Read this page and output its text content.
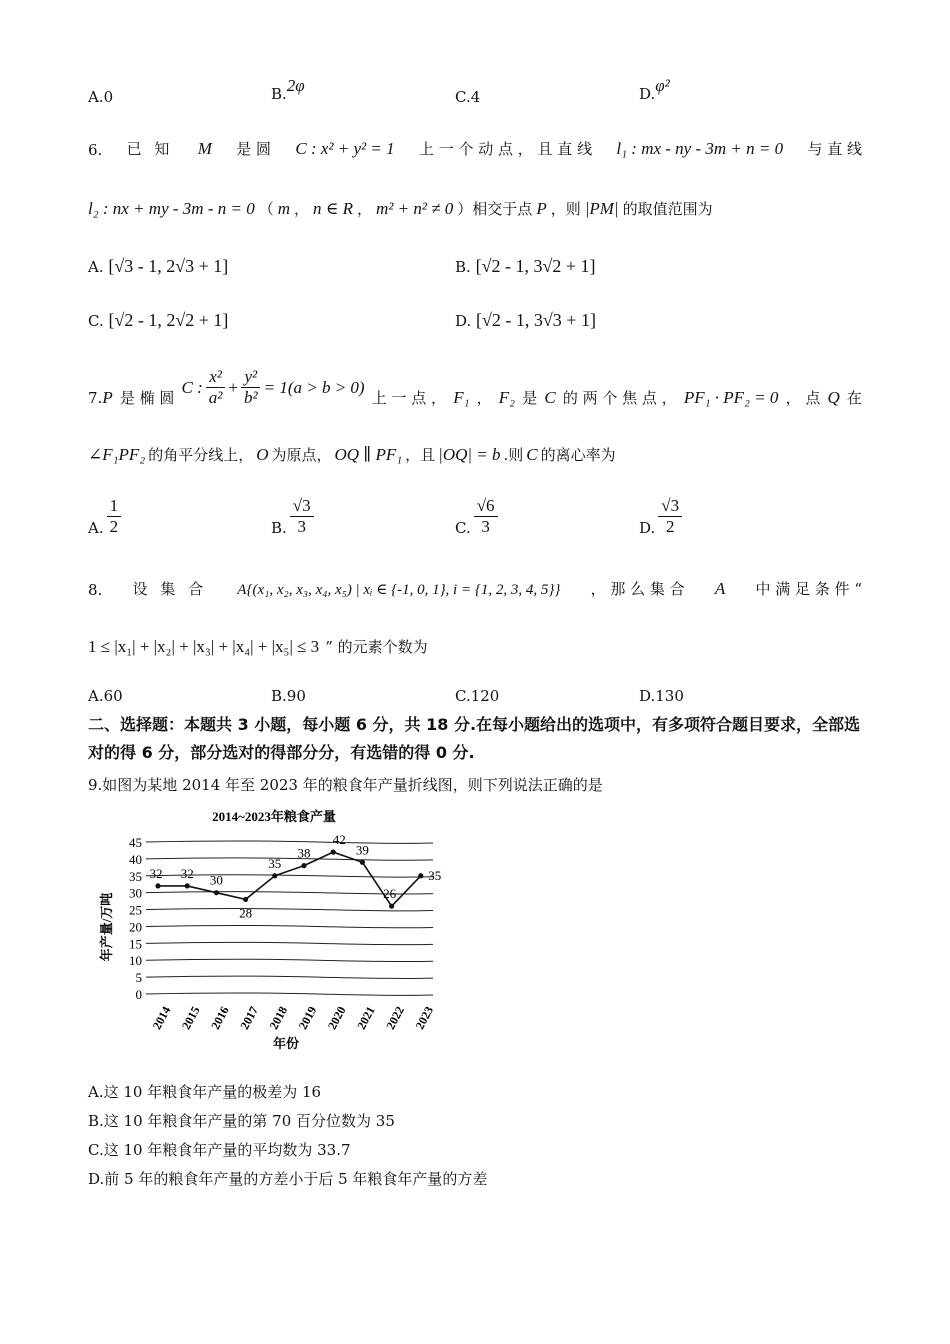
A.0	B.2φ
C.4	D.φ²
6. 已 知 M 是 圆 C : x² + y² = 1 上 一 个 动 点 ， 且 直 线 l₁ : mx - ny - 3m + n = 0 与 直 线
l₂ : nx + my - 3m - n = 0 （ m ， n ∈ R ， m² + n² ≠ 0 ）相交于点 P ，则 |PM| 的取值范围为
A. [√3 - 1, 2√3 + 1]	B. [√2 - 1, 3√2 + 1]
C. [√2 - 1, 2√2 + 1]	D. [√2 - 1, 3√3 + 1]
7.P 是 椭 圆
C : $\frac{\text{x²}}{\text{a²}} + \frac{\text{y²}}{\text{b²}} = 1(a > b > 0)$
上 一 点 ， F₁ ， F₂ 是 C 的 两 个 焦 点 ， PF₁ · PF₂ = 0 ， 点 Q 在
∠F₁PF₂ 的角平分线上， O 为原点， OQ ∥ PF₁ ，且 |OQ| = b .则 C 的离心率为
A. $\frac{1}{2}$	B. $\frac{√3}{3}$	C. $\frac{√6}{3}$	D. $\frac{√3}{2}$
8. 设 集 合 A{(x₁, x₂, x₃, x₄, x₅) | xᵢ ∈ {-1, 0, 1}, i = {1, 2, 3, 4, 5}} ， 那 么 集 合 A 中 满 足 条 件 “
1 ≤ |x₁| + |x₂| + |x₃| + |x₄| + |x₅| ≤ 3 ” 的元素个数为
A.60	B.90	C.120	D.130
二、选择题：本题共 3 小题，每小题 6 分，共 18 分.在每小题给出的选项中，有多项符合题目要求，全部选对的得 6 分，部分选对的得部分分，有选错的得 0 分.
9.如图为某地 2014 年至 2023 年的粮食年产量折线图，则下列说法正确的是
2014~2023年粮食产量
0
5
10
15
20
25
30
35
40
45
2014 2015 2016 2017 2018 2019 2020 2021 2022 2023
32 32 30
28
35
38
42
39
26
35
年产量/万吨
年份
A.这 10 年粮食年产量的极差为 16
B.这 10 年粮食年产量的第 70 百分位数为 35
C.这 10 年粮食年产量的平均数为 33.7
D.前 5 年的粮食年产量的方差小于后 5 年粮食年产量的方差
